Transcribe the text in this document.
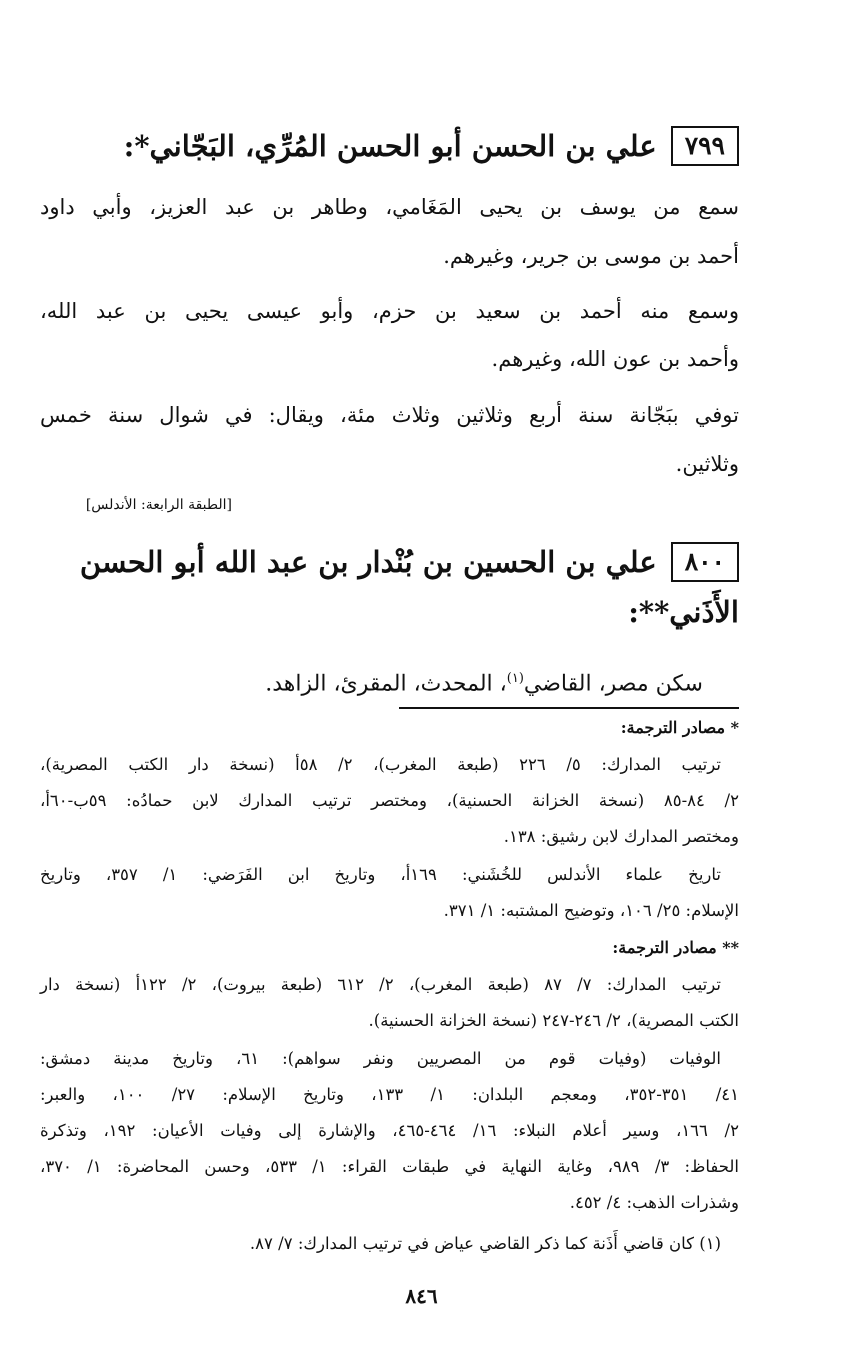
٧٩٩
علي بن الحسن أبو الحسن المُرِّي، البَجّاني*:
سمع من يوسف بن يحيى المَغَامي، وطاهر بن عبد العزيز، وأبي داود
أحمد بن موسى بن جرير، وغيرهم.
وسمع منه أحمد بن سعيد بن حزم، وأبو عيسى يحيى بن عبد الله،
وأحمد بن عون الله، وغيرهم.
توفي ببَجّانة سنة أربع وثلاثين وثلاث مئة، ويقال: في شوال سنة خمس
وثلاثين.
[الطبقة الرابعة: الأندلس]
٨٠٠
علي بن الحسين بن بُنْدار بن عبد الله أبو الحسن
الأَذَني**:
سكن مصر، القاضي$^{(١)}$، المحدث، المقرئ، الزاهد.
* مصادر الترجمة:
ترتيب المدارك: ٥/ ٢٢٦ (طبعة المغرب)، ٢/ ٥٨أ (نسخة دار الكتب المصرية)،
٢/ ٨٤-٨٥ (نسخة الخزانة الحسنية)، ومختصر ترتيب المدارك لابن حمادُه: ٥٩ب-٦٠أ،
ومختصر المدارك لابن رشيق: ١٣٨.
تاريخ علماء الأندلس للخُشَني: ١٦٩أ، وتاريخ ابن الفَرَضي: ١/ ٣٥٧، وتاريخ
الإسلام: ٢٥/ ١٠٦، وتوضيح المشتبه: ١/ ٣٧١.
** مصادر الترجمة:
ترتيب المدارك: ٧/ ٨٧ (طبعة المغرب)، ٢/ ٦١٢ (طبعة بيروت)، ٢/ ١٢٢أ (نسخة دار
الكتب المصرية)، ٢/ ٢٤٦-٢٤٧ (نسخة الخزانة الحسنية).
الوفيات (وفيات قوم من المصريين ونفر سواهم): ٦١، وتاريخ مدينة دمشق:
٤١/ ٣٥١-٣٥٢، ومعجم البلدان: ١/ ١٣٣، وتاريخ الإسلام: ٢٧/ ١٠٠، والعبر:
٢/ ١٦٦، وسير أعلام النبلاء: ١٦/ ٤٦٤-٤٦٥، والإشارة إلى وفيات الأعيان: ١٩٢، وتذكرة
الحفاظ: ٣/ ٩٨٩، وغاية النهاية في طبقات القراء: ١/ ٥٣٣، وحسن المحاضرة: ١/ ٣٧٠،
وشذرات الذهب: ٤/ ٤٥٢.
(١) كان قاضي أَذَنة كما ذكر القاضي عياض في ترتيب المدارك: ٧/ ٨٧.
٨٤٦
